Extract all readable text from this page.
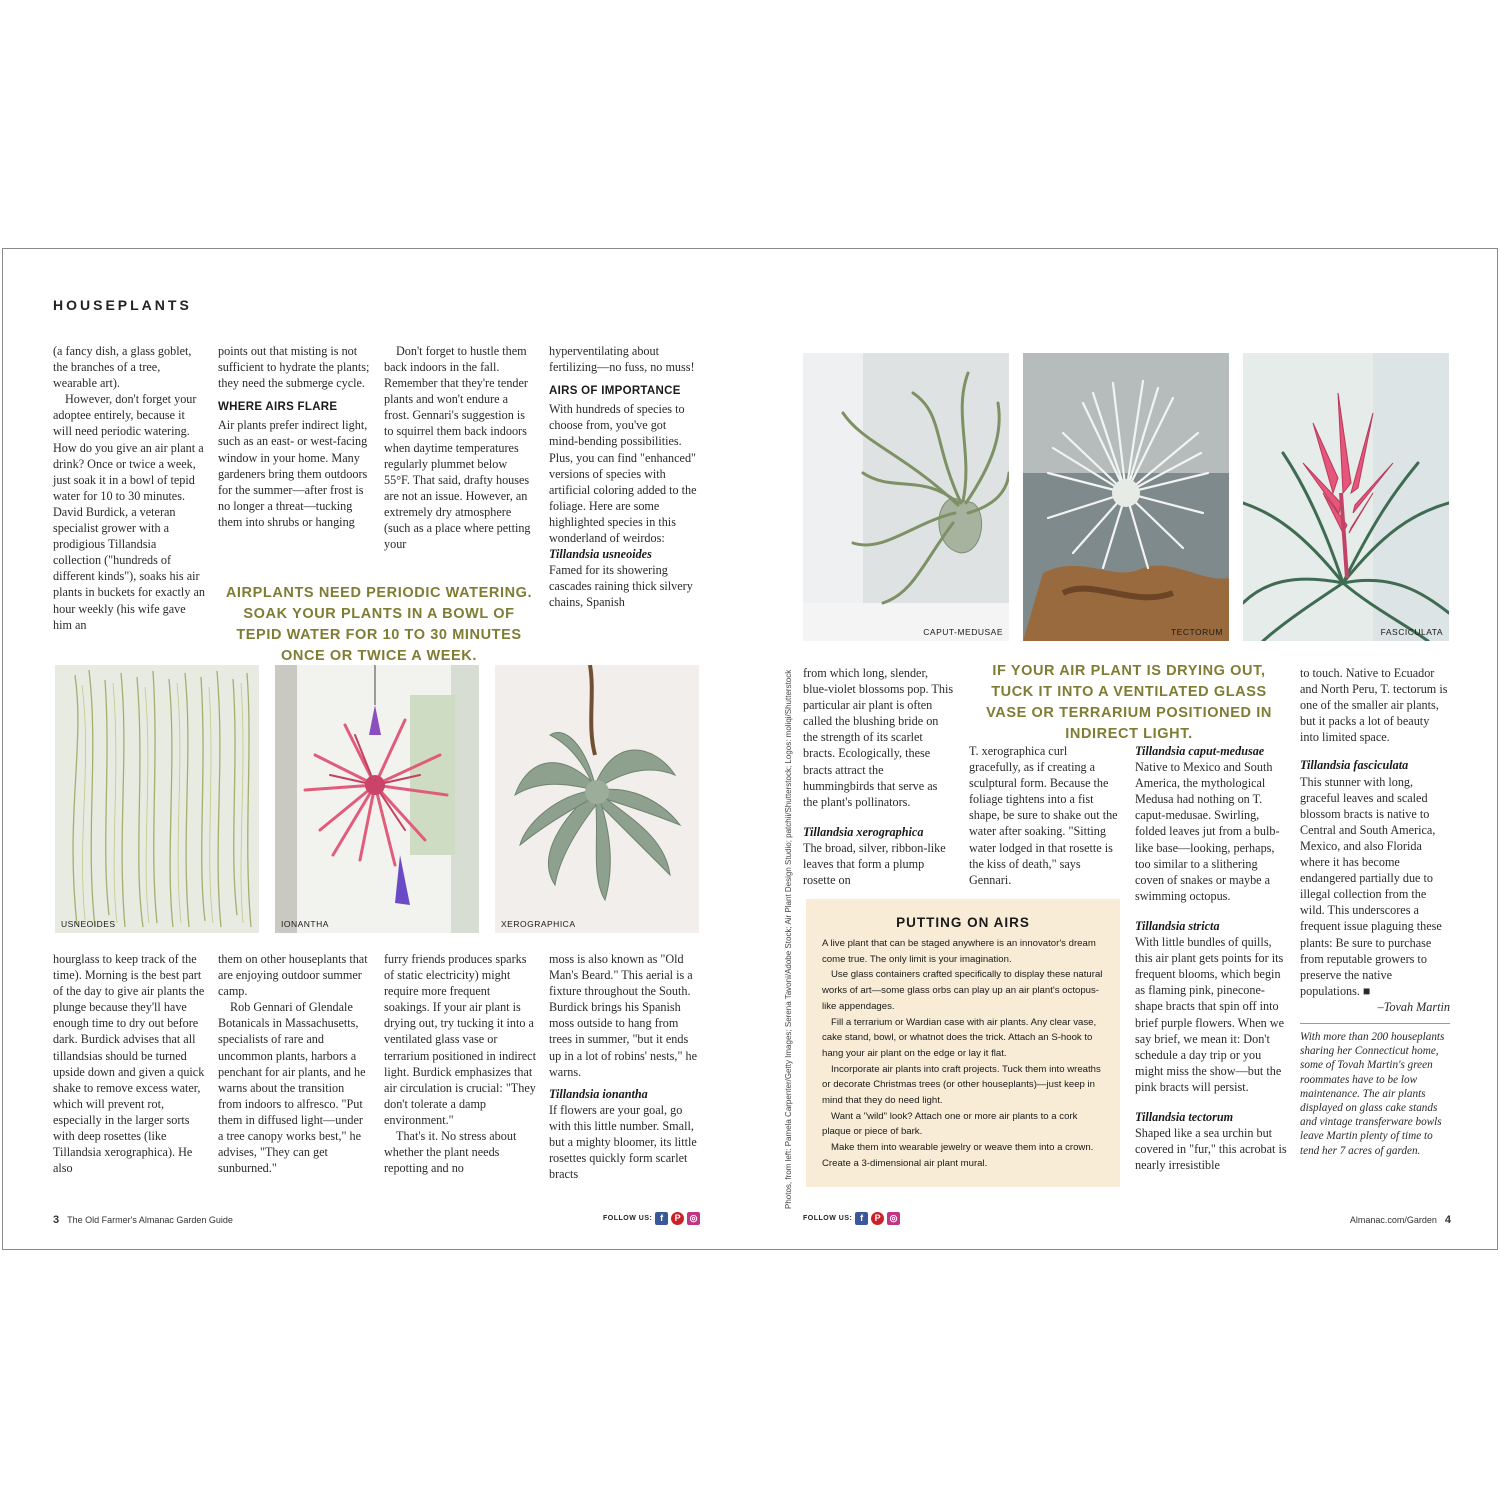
HOUSEPLANTS

(a fancy dish, a glass goblet, the branches of a tree, wearable art).

However, don't forget your adoptee entirely, because it will need periodic watering. How do you give an air plant a drink? Once or twice a week, just soak it in a bowl of tepid water for 10 to 30 minutes. David Burdick, a veteran specialist grower with a prodigious Tillandsia collection ("hundreds of different kinds"), soaks his air plants in buckets for exactly an hour weekly (his wife gave him an

points out that misting is not sufficient to hydrate the plants; they need the submerge cycle.

WHERE AIRS FLARE

Air plants prefer indirect light, such as an east- or west-facing window in your home. Many gardeners bring them outdoors for the summer—after frost is no longer a threat—tucking them into shrubs or hanging

Don't forget to hustle them back indoors in the fall. Remember that they're tender plants and won't endure a frost. Gennari's suggestion is to squirrel them back indoors when daytime temperatures regularly plummet below 55°F. That said, drafty houses are not an issue. However, an extremely dry atmosphere (such as a place where petting your

hyperventilating about fertilizing—no fuss, no muss!

AIRS OF IMPORTANCE

With hundreds of species to choose from, you've got mind-bending possibilities. Plus, you can find "enhanced" versions of species with artificial coloring added to the foliage. Here are some highlighted species in this wonderland of weirdos:

Tillandsia usneoides

Famed for its showering cascades raining thick silvery chains, Spanish

AIRPLANTS NEED PERIODIC WATERING. SOAK YOUR PLANTS IN A BOWL OF TEPID WATER FOR 10 TO 30 MINUTES ONCE OR TWICE A WEEK.
USNEOIDES	IONANTHA	XEROGRAPHICA

hourglass to keep track of the time). Morning is the best part of the day to give air plants the plunge because they'll have enough time to dry out before dark. Burdick advises that all tillandsias should be turned upside down and given a quick shake to remove excess water, which will prevent rot, especially in the larger sorts with deep rosettes (like Tillandsia xerographica). He also

them on other houseplants that are enjoying outdoor summer camp.

Rob Gennari of Glendale Botanicals in Massachusetts, specialists of rare and uncommon plants, harbors a penchant for air plants, and he warns about the transition from indoors to alfresco. "Put them in diffused light—under a tree canopy works best," he advises, "They can get sunburned."

furry friends produces sparks of static electricity) might require more frequent soakings. If your air plant is drying out, try tucking it into a ventilated glass vase or terrarium positioned in indirect light. Burdick emphasizes that air circulation is crucial: "They don't tolerate a damp environment."

That's it. No stress about whether the plant needs repotting and no

moss is also known as "Old Man's Beard." This aerial is a fixture throughout the South. Burdick brings his Spanish moss outside to hang from trees in summer, "but it ends up in a lot of robins' nests," he warns.

Tillandsia ionantha

If flowers are your goal, go with this little number. Small, but a mighty bloomer, its little rosettes quickly form scarlet bracts	Photos, from left: Pamela Carpenter/Getty Images; Serena Tavoni/Adobe Stock; Air Plant Design Studio; patchii/Shutterstock; Logos: moliqi/Shutterstock
CAPUT-MEDUSAE	TECTORUM	FASCICULATA

from which long, slender, blue-violet blossoms pop. This particular air plant is often called the blushing bride on the strength of its scarlet bracts. Ecologically, these bracts attract the hummingbirds that serve as the plant's pollinators.

Tillandsia xerographica

The broad, silver, ribbon-like leaves that form a plump rosette on

IF YOUR AIR PLANT IS DRYING OUT, TUCK IT INTO A VENTILATED GLASS VASE OR TERRARIUM POSITIONED IN INDIRECT LIGHT.

T. xerographica curl gracefully, as if creating a sculptural form. Because the foliage tightens into a fist shape, be sure to shake out the water after soaking. "Sitting water lodged in that rosette is the kiss of death," says Gennari.

Tillandsia caput-medusae

Native to Mexico and South America, the mythological Medusa had nothing on T. caput-medusae. Swirling, folded leaves jut from a bulb-like base—looking, perhaps, too similar to a slithering coven of snakes or maybe a swimming octopus.

Tillandsia stricta

With little bundles of quills, this air plant gets points for its frequent blooms, which begin as flaming pink, pinecone-shape bracts that spin off into brief purple flowers. When we say brief, we mean it: Don't schedule a day trip or you might miss the show—but the pink bracts will persist.

Tillandsia tectorum

Shaped like a sea urchin but covered in "fur," this acrobat is nearly irresistible

to touch. Native to Ecuador and North Peru, T. tectorum is one of the smaller air plants, but it packs a lot of beauty into limited space.

Tillandsia fasciculata

This stunner with long, graceful leaves and scaled blossom bracts is native to Central and South America, Mexico, and also Florida where it has become endangered partially due to illegal collection from the wild. This underscores a frequent issue plaguing these plants: Be sure to purchase from reputable growers to preserve the native populations. ■

–Tovah Martin

With more than 200 houseplants sharing her Connecticut home, some of Tovah Martin's green roommates have to be low maintenance. The air plants displayed on glass cake stands and vintage transferware bowls leave Martin plenty of time to tend her 7 acres of garden.

PUTTING ON AIRS

A live plant that can be staged anywhere is an innovator's dream come true. The only limit is your imagination.

Use glass containers crafted specifically to display these natural works of art—some glass orbs can play up an air plant's octopus-like appendages.

Fill a terrarium or Wardian case with air plants. Any clear vase, cake stand, bowl, or whatnot does the trick. Attach an S-hook to hang your air plant on the edge or lay it flat.

Incorporate air plants into craft projects. Tuck them into wreaths or decorate Christmas trees (or other houseplants)—just keep in mind that they do need light.

Want a "wild" look? Attach one or more air plants to a cork plaque or piece of bark.

Make them into wearable jewelry or weave them into a crown. Create a 3-dimensional air plant mural.

3 The Old Farmer's Almanac Garden Guide	FOLLOW US: f	P ◎	FOLLOW US: f	P ◎	Almanac.com/Garden 4
